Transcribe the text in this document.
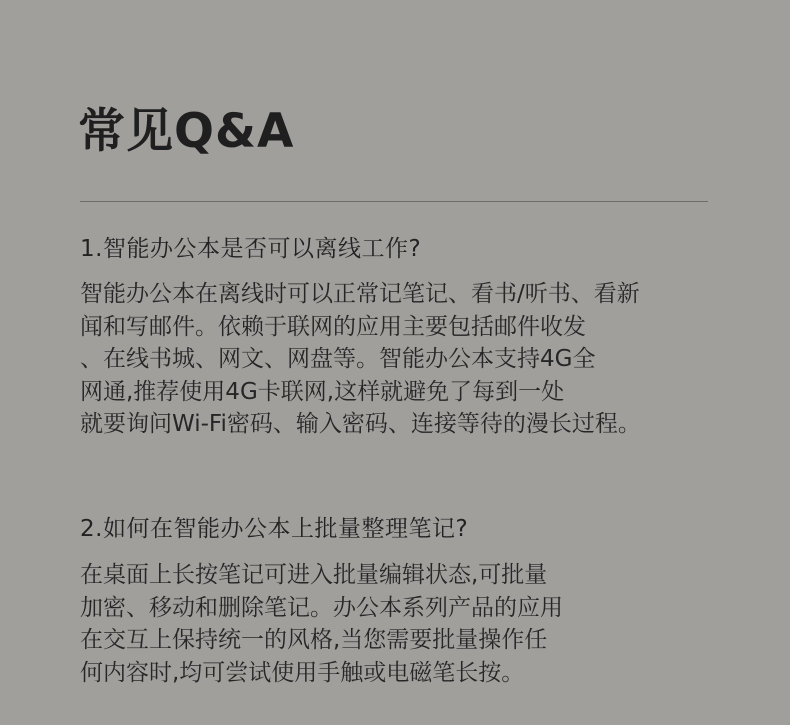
常见Q&A
1.智能办公本是否可以离线工作?
智能办公本在离线时可以正常记笔记、看书/听书、看新
闻和写邮件。依赖于联网的应用主要包括邮件收发
、在线书城、网文、网盘等。智能办公本支持4G全
网通,推荐使用4G卡联网,这样就避免了每到一处
就要询问Wi-Fi密码、输入密码、连接等待的漫长过程。
2.如何在智能办公本上批量整理笔记?
在桌面上长按笔记可进入批量编辑状态,可批量
加密、移动和删除笔记。办公本系列产品的应用
在交互上保持统一的风格,当您需要批量操作任
何内容时,均可尝试使用手触或电磁笔长按。
